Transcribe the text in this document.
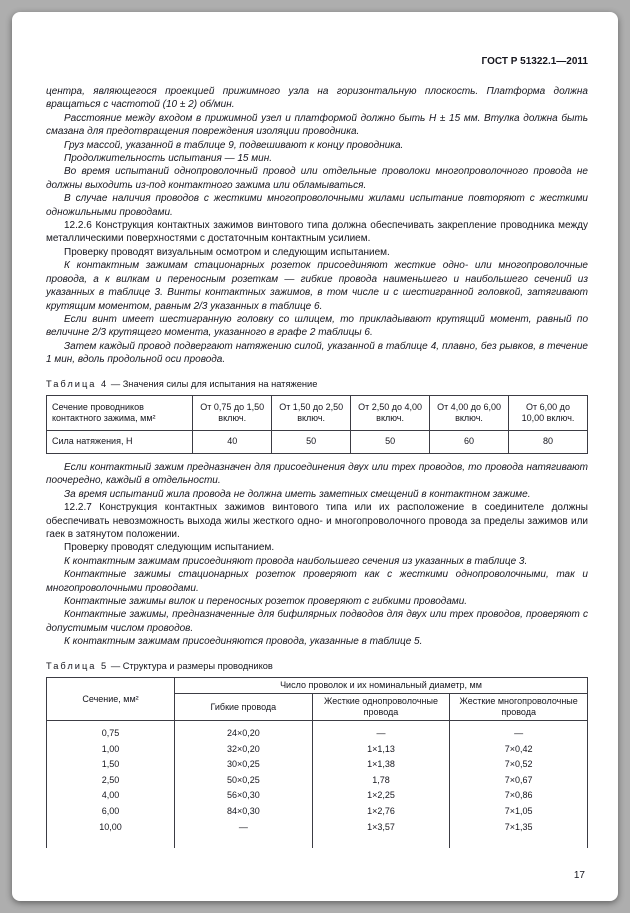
ГОСТ Р 51322.1—2011

центра, являющегося проекцией прижимного узла на горизонтальную плоскость. Платформа должна вращаться с частотой (10 ± 2) об/мин.

Расстояние между входом в прижимной узел и платформой должно быть Н ± 15 мм. Втулка должна быть смазана для предотвращения повреждения изоляции проводника.

Груз массой, указанной в таблице 9, подвешивают к концу проводника.

Продолжительность испытания — 15 мин.

Во время испытаний однопроволочный провод или отдельные проволоки многопроволочного провода не должны выходить из-под контактного зажима или обламываться.

В случае наличия проводов с жесткими многопроволочными жилами испытание повторяют с жесткими одножильными проводами.

12.2.6 Конструкция контактных зажимов винтового типа должна обеспечивать закрепление проводника между металлическими поверхностями с достаточным контактным усилием.

Проверку проводят визуальным осмотром и следующим испытанием.

К контактным зажимам стационарных розеток присоединяют жесткие одно- или многопроволочные провода, а к вилкам и переносным розеткам — гибкие провода наименьшего и наибольшего сечений из указанных в таблице 3. Винты контактных зажимов, в том числе и с шестигранной головкой, затягивают крутящим моментом, равным 2/3 указанных в таблице 6.

Если винт имеет шестигранную головку со шлицем, то прикладывают крутящий момент, равный по величине 2/3 крутящего момента, указанного в графе 2 таблицы 6.

Затем каждый провод подвергают натяжению силой, указанной в таблице 4, плавно, без рывков, в течение 1 мин, вдоль продольной оси провода.

Таблица 4 — Значения силы для испытания на натяжение
Сечение проводников контактного зажима, мм²	От 0,75 до 1,50 включ.	От 1,50 до 2,50 включ.	От 2,50 до 4,00 включ.	От 4,00 до 6,00 включ.	От 6,00 до 10,00 включ.
Сила натяжения, Н	40	50	50	60	80

Если контактный зажим предназначен для присоединения двух или трех проводов, то провода натягивают поочередно, каждый в отдельности.

За время испытаний жила провода не должна иметь заметных смещений в контактном зажиме.

12.2.7 Конструкция контактных зажимов винтового типа или их расположение в соединителе должны обеспечивать невозможность выхода жилы жесткого одно- и многопроволочного провода за пределы зажимов или гаек в затянутом положении.

Проверку проводят следующим испытанием.

К контактным зажимам присоединяют провода наибольшего сечения из указанных в таблице 3.

Контактные зажимы стационарных розеток проверяют как с жесткими однопроволочными, так и многопроволочными проводами.

Контактные зажимы вилок и переносных розеток проверяют с гибкими проводами.

Контактные зажимы, предназначенные для бифилярных подводов для двух или трех проводов, проверяют с допустимым числом проводов.

К контактным зажимам присоединяются провода, указанные в таблице 5.

Таблица 5 — Структура и размеры проводников
Сечение, мм²	Число проволок и их номинальный диаметр, мм		
	Гибкие провода	Жесткие однопроволочные провода	Жесткие многопроволочные провода
0,75	24×0,20	—	—
1,00	32×0,20	1×1,13	7×0,42
1,50	30×0,25	1×1,38	7×0,52
2,50	50×0,25	1,78	7×0,67
4,00	56×0,30	1×2,25	7×0,86
6,00	84×0,30	1×2,76	7×1,05
10,00	—	1×3,57	7×1,35
17
